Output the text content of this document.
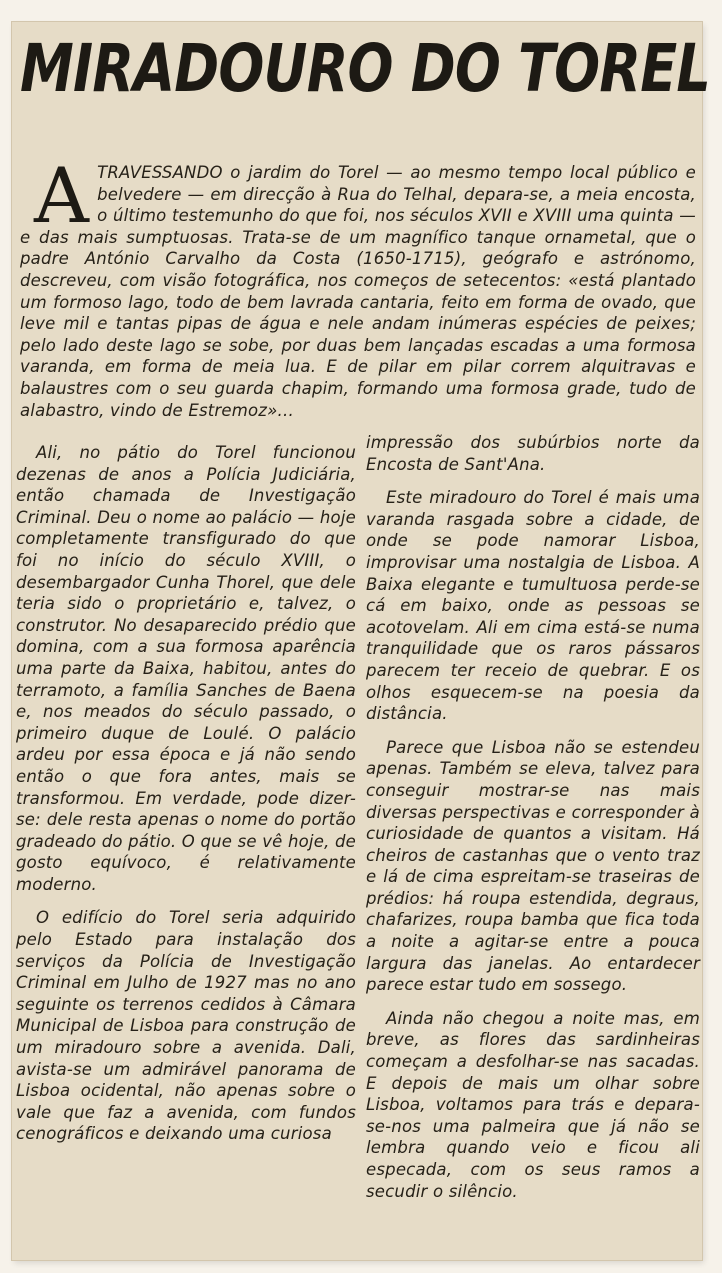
MIRADOURO DO TOREL
A TRAVESSANDO o jardim do Torel — ao mesmo tempo local público e belvedere — em direcção à Rua do Telhal, depara-se, a meia encosta, o último testemunho do que foi, nos séculos XVII e XVIII uma quinta — e das mais sumptuosas. Trata-se de um magnífico tanque ornametal, que o padre António Carvalho da Costa (1650-1715), geógrafo e astrónomo, descreveu, com visão fotográfica, nos começos de setecentos: «está plantado um formoso lago, todo de bem lavrada cantaria, feito em forma de ovado, que leve mil e tantas pipas de água e nele andam inúmeras espécies de peixes; pelo lado deste lago se sobe, por duas bem lançadas escadas a uma formosa varanda, em forma de meia lua. E de pilar em pilar correm alquitravas e balaustres com o seu guarda chapim, formando uma formosa grade, tudo de alabastro, vindo de Estremoz»...

Ali, no pátio do Torel funcionou dezenas de anos a Polícia Judiciária, então chamada de Investigação Criminal. Deu o nome ao palácio — hoje completamente transfigurado do que foi no início do século XVIII, o desembargador Cunha Thorel, que dele teria sido o proprietário e, talvez, o construtor. No desaparecido prédio que domina, com a sua formosa aparência uma parte da Baixa, habitou, antes do terramoto, a família Sanches de Baena e, nos meados do século passado, o primeiro duque de Loulé. O palácio ardeu por essa época e já não sendo então o que fora antes, mais se transformou. Em verdade, pode dizer-se: dele resta apenas o nome do portão gradeado do pátio. O que se vê hoje, de gosto equívoco, é relativamente moderno.

O edifício do Torel seria adquirido pelo Estado para instalação dos serviços da Polícia de Investigação Criminal em Julho de 1927 mas no ano seguinte os terrenos cedidos à Câmara Municipal de Lisboa para construção de um miradouro sobre a avenida. Dali, avista-se um admirável panorama de Lisboa ocidental, não apenas sobre o vale que faz a avenida, com fundos cenográficos e deixando uma curiosa

impressão dos subúrbios norte da Encosta de Sant'Ana.

Este miradouro do Torel é mais uma varanda rasgada sobre a cidade, de onde se pode namorar Lisboa, improvisar uma nostalgia de Lisboa. A Baixa elegante e tumultuosa perde-se cá em baixo, onde as pessoas se acotovelam. Ali em cima está-se numa tranquilidade que os raros pássaros parecem ter receio de quebrar. E os olhos esquecem-se na poesia da distância.

Parece que Lisboa não se estendeu apenas. Também se eleva, talvez para conseguir mostrar-se nas mais diversas perspectivas e corresponder à curiosidade de quantos a visitam. Há cheiros de castanhas que o vento traz e lá de cima espreitam-se traseiras de prédios: há roupa estendida, degraus, chafarizes, roupa bamba que fica toda a noite a agitar-se entre a pouca largura das janelas. Ao entardecer parece estar tudo em sossego.

Ainda não chegou a noite mas, em breve, as flores das sardinheiras começam a desfolhar-se nas sacadas. E depois de mais um olhar sobre Lisboa, voltamos para trás e depara-se-nos uma palmeira que já não se lembra quando veio e ficou ali especada, com os seus ramos a secudir o silêncio.
